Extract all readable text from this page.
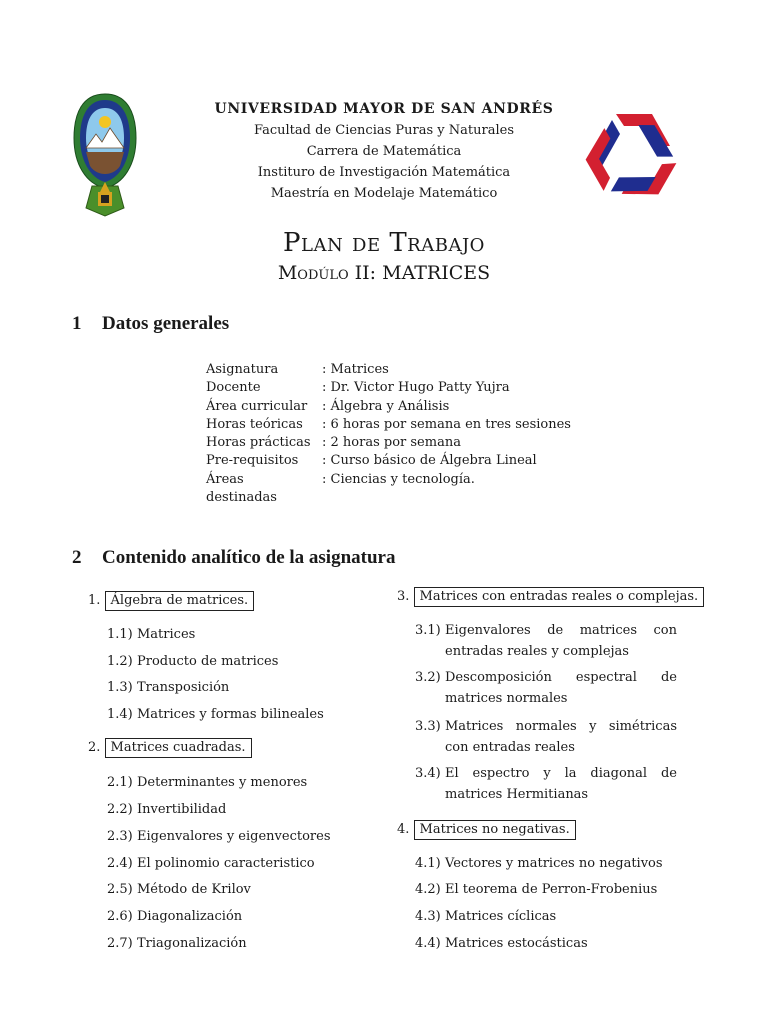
UNIVERSIDAD MAYOR DE SAN ANDRÉS
Facultad de Ciencias Puras y Naturales
Carrera de Matemática
Instituro de Investigación Matemática
Maestría en Modelaje Matemático
Plan de Trabajo
Modúlo II: MATRICES
1 Datos generales
Asignatura	: Matrices
Docente	: Dr. Victor Hugo Patty Yujra
Área curricular	: Álgebra y Análisis
Horas teóricas	: 6 horas por semana en tres sesiones
Horas prácticas	: 2 horas por semana
Pre-requisitos	: Curso básico de Álgebra Lineal
Áreas destinadas	: Ciencias y tecnología.
2 Contenido analítico de la asignatura
1. Álgebra de matrices.
1.1) Matrices
1.2) Producto de matrices
1.3) Transposición
1.4) Matrices y formas bilineales
2. Matrices cuadradas.
2.1) Determinantes y menores
2.2) Invertibilidad
2.3) Eigenvalores y eigenvectores
2.4) El polinomio caracteristico
2.5) Método de Krilov
2.6) Diagonalización
2.7) Triagonalización
3. Matrices con entradas reales o complejas.
3.1) Eigenvalores de matrices con entradas reales y complejas
3.2) Descomposición espectral de matrices normales
3.3) Matrices normales y simétricas con entradas reales
3.4) El espectro y la diagonal de matrices Hermitianas
4. Matrices no negativas.
4.1) Vectores y matrices no negativos
4.2) El teorema de Perron-Frobenius
4.3) Matrices cíclicas
4.4) Matrices estocásticas
